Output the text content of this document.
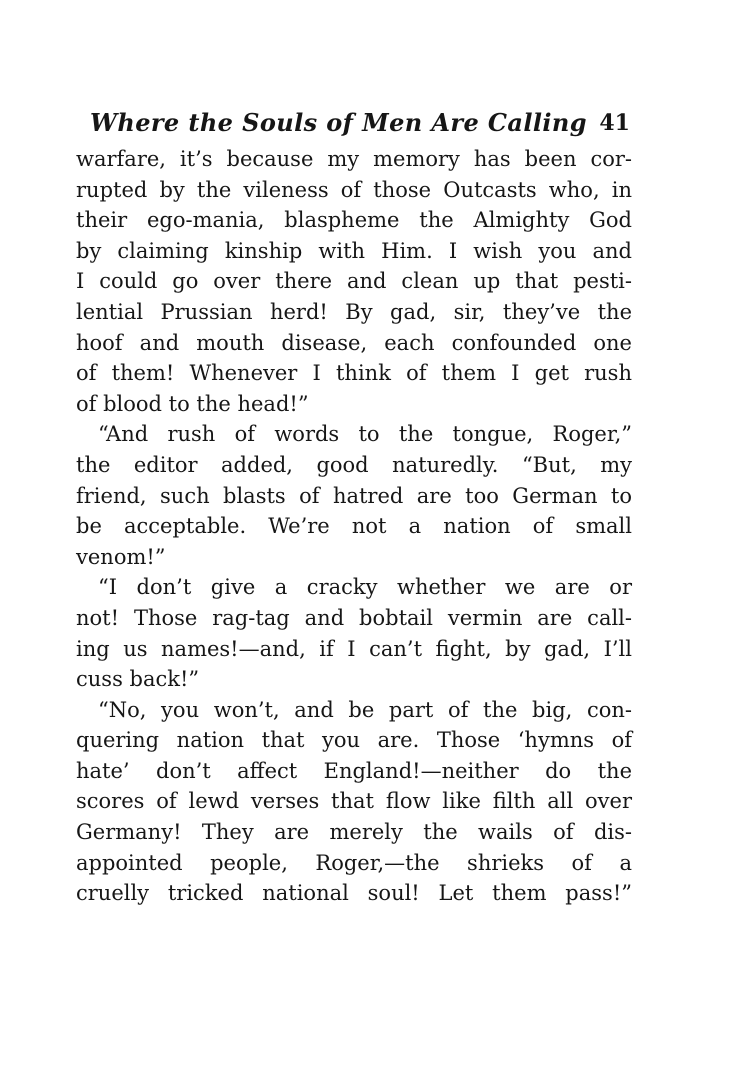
Where the Souls of Men Are Calling 41
warfare, it’s because my memory has been cor-
rupted by the vileness of those Outcasts who, in
their ego-mania, blaspheme the Almighty God
by claiming kinship with Him. I wish you and
I could go over there and clean up that pesti-
lential Prussian herd! By gad, sir, they’ve the
hoof and mouth disease, each confounded one
of them! Whenever I think of them I get rush
of blood to the head!”
“And rush of words to the tongue, Roger,”
the editor added, good naturedly. “But, my
friend, such blasts of hatred are too German to
be acceptable. We’re not a nation of small
venom!”
“I don’t give a cracky whether we are or
not! Those rag-tag and bobtail vermin are call-
ing us names!—and, if I can’t fight, by gad, I’ll
cuss back!”
“No, you won’t, and be part of the big, con-
quering nation that you are. Those ‘hymns of
hate’ don’t affect England!—neither do the
scores of lewd verses that flow like filth all over
Germany! They are merely the wails of dis-
appointed people, Roger,—the shrieks of a
cruelly tricked national soul! Let them pass!”
